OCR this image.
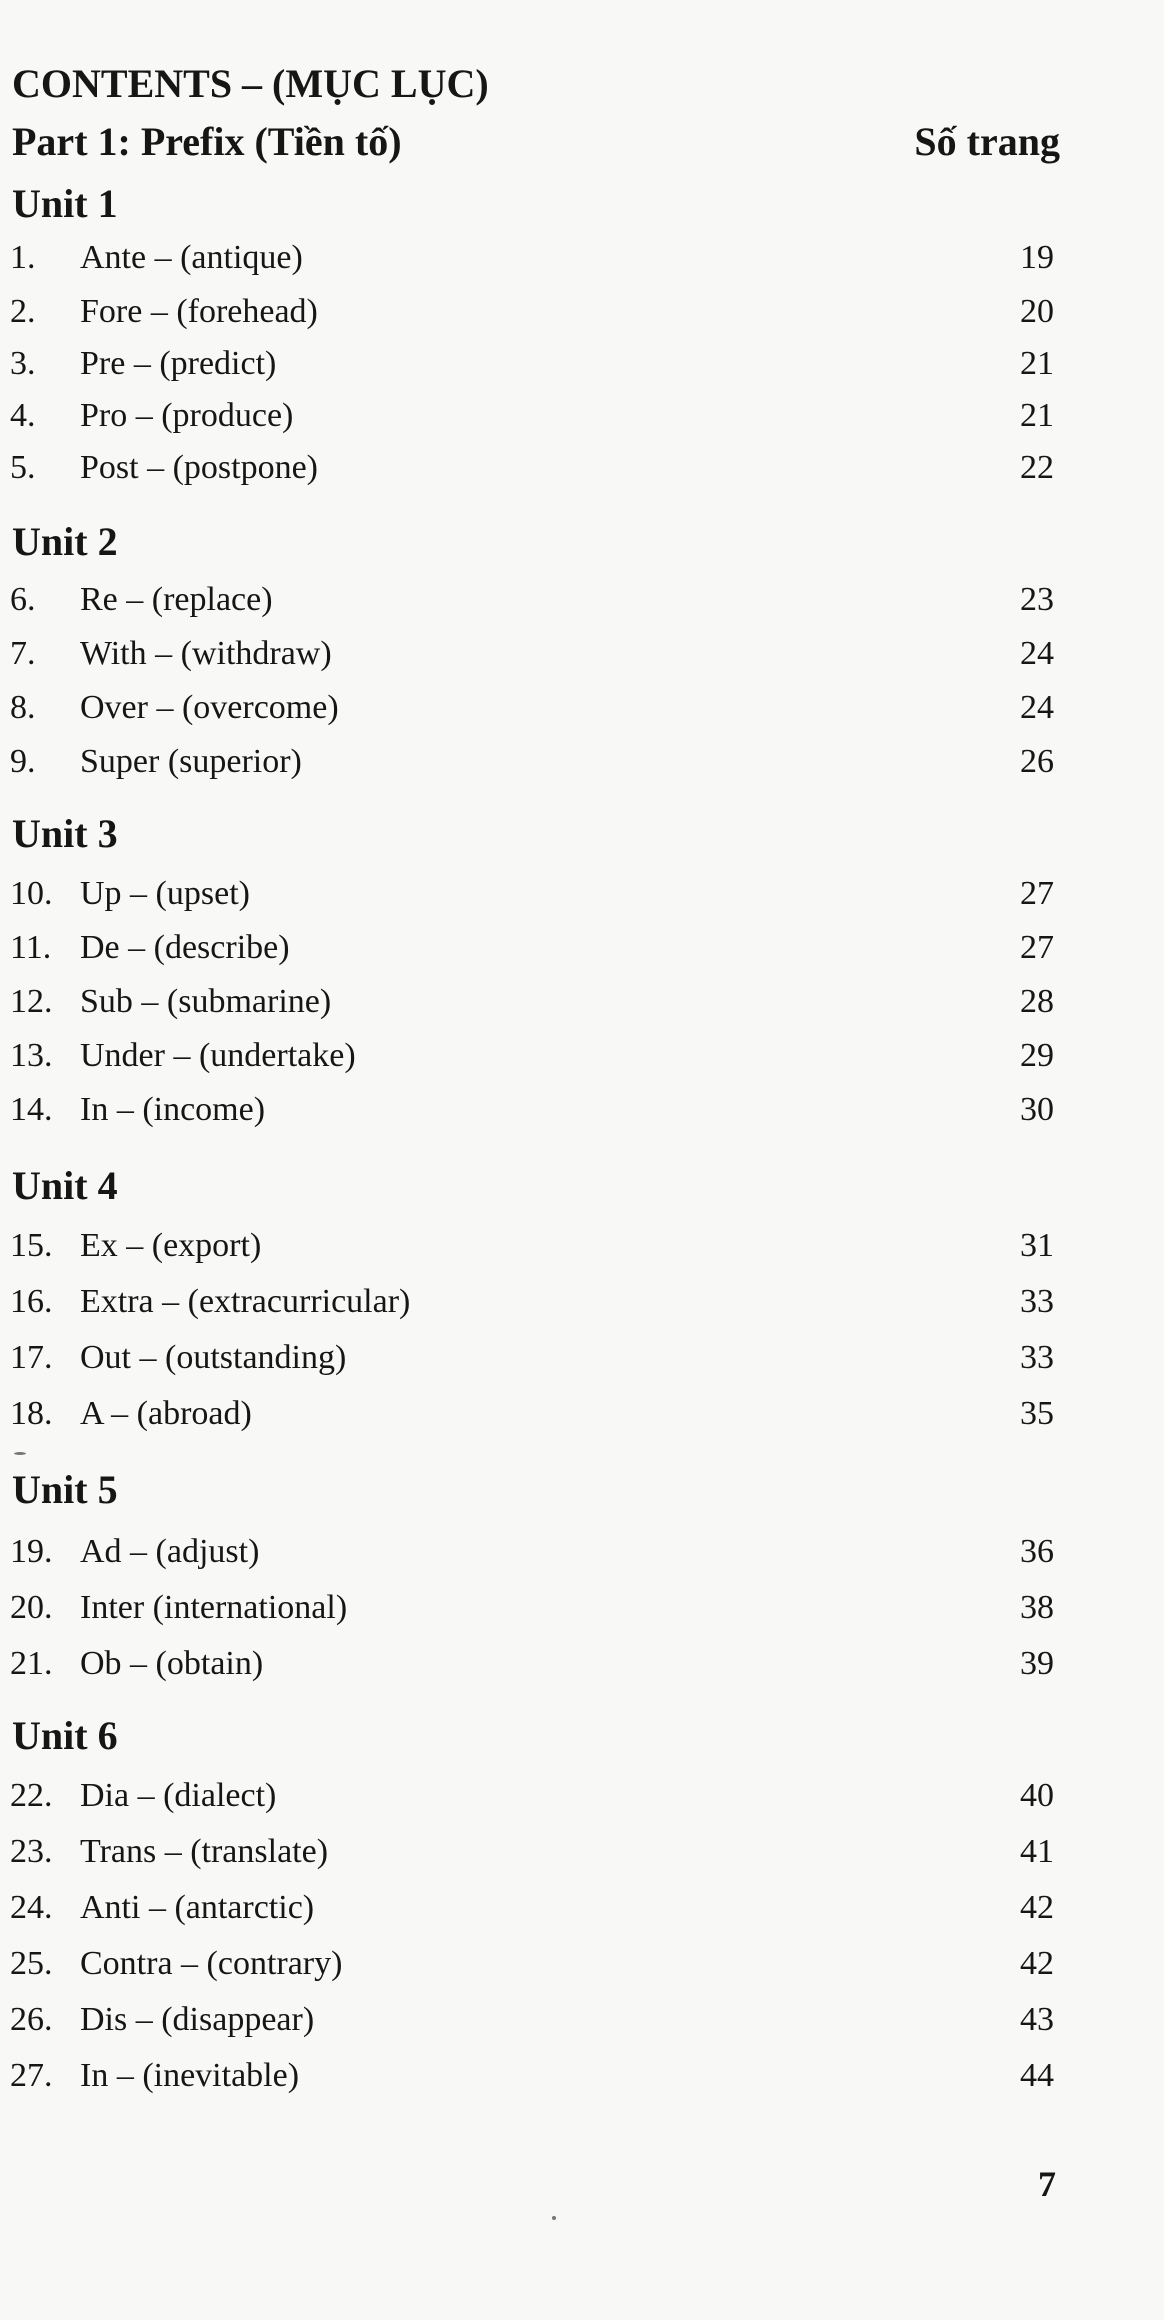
CONTENTS – (MỤC LỤC)
Part 1: Prefix (Tiền tố)	Số trang
Unit 1
1. Ante – (antique)	19
2. Fore – (forehead)	20
3. Pre – (predict)	21
4. Pro – (produce)	21
5. Post – (postpone)	22
Unit 2
6. Re – (replace)	23
7. With – (withdraw)	24
8. Over – (overcome)	24
9. Super (superior)	26
Unit 3
10. Up – (upset)	27
11. De – (describe)	27
12. Sub – (submarine)	28
13. Under – (undertake)	29
14. In – (income)	30
Unit 4
15. Ex – (export)	31
16. Extra – (extracurricular)	33
17. Out – (outstanding)	33
18. A – (abroad)	35
Unit 5
19. Ad – (adjust)	36
20. Inter (international)	38
21. Ob – (obtain)	39
Unit 6
22. Dia – (dialect)	40
23. Trans – (translate)	41
24. Anti – (antarctic)	42
25. Contra – (contrary)	42
26. Dis – (disappear)	43
27. In – (inevitable)	44
7
